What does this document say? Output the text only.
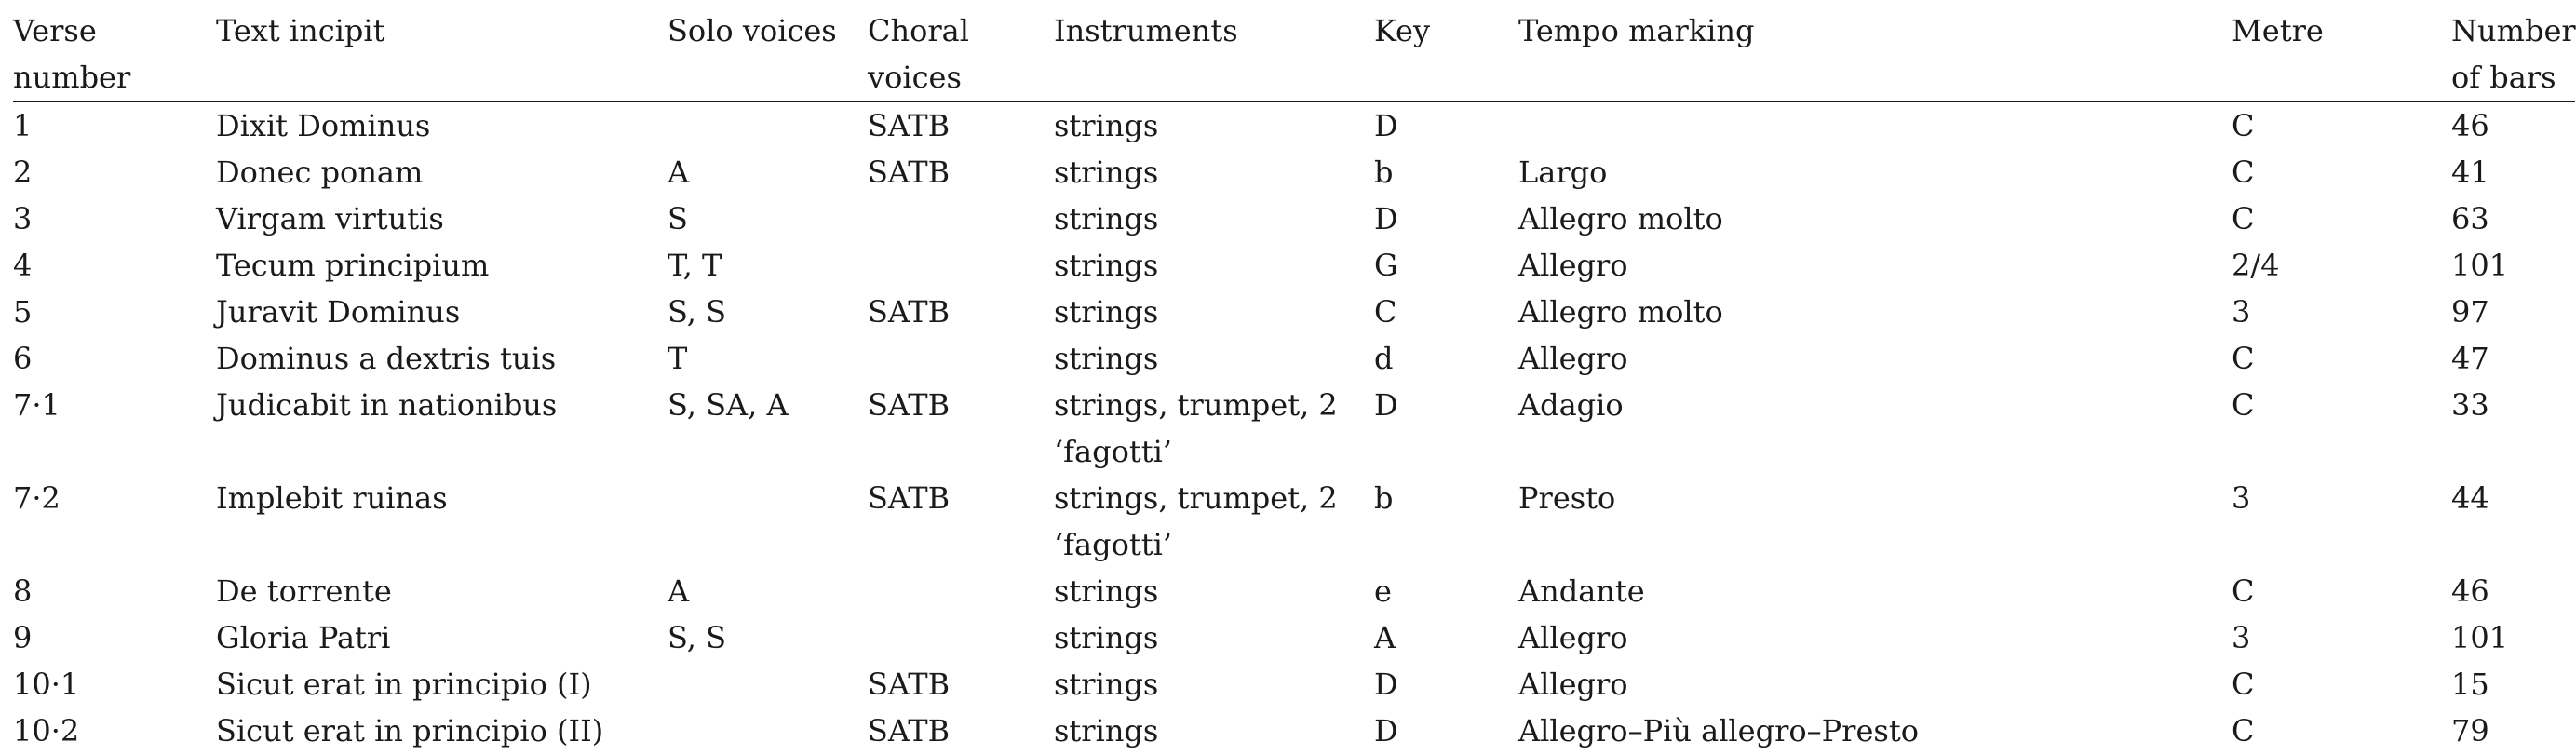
Verse number	Text incipit	Solo voices	Choral voices	Instruments	Key	Tempo marking	Metre	Number of bars
1	Dixit Dominus		SATB	strings	D		C	46
2	Donec ponam	A	SATB	strings	b	Largo	C	41
3	Virgam virtutis	S		strings	D	Allegro molto	C	63
4	Tecum principium	T, T		strings	G	Allegro	2/4	101
5	Juravit Dominus	S, S	SATB	strings	C	Allegro molto	3	97
6	Dominus a dextris tuis	T		strings	d	Allegro	C	47
7·1	Judicabit in nationibus	S, SA, A	SATB	strings, trumpet, 2 ‘fagotti’	D	Adagio	C	33
7·2	Implebit ruinas		SATB	strings, trumpet, 2 ‘fagotti’	b	Presto	3	44
8	De torrente	A		strings	e	Andante	C	46
9	Gloria Patri	S, S		strings	A	Allegro	3	101
10·1	Sicut erat in principio (I)		SATB	strings	D	Allegro	C	15
10·2	Sicut erat in principio (II)		SATB	strings	D	Allegro–Più allegro–Presto	C	79
